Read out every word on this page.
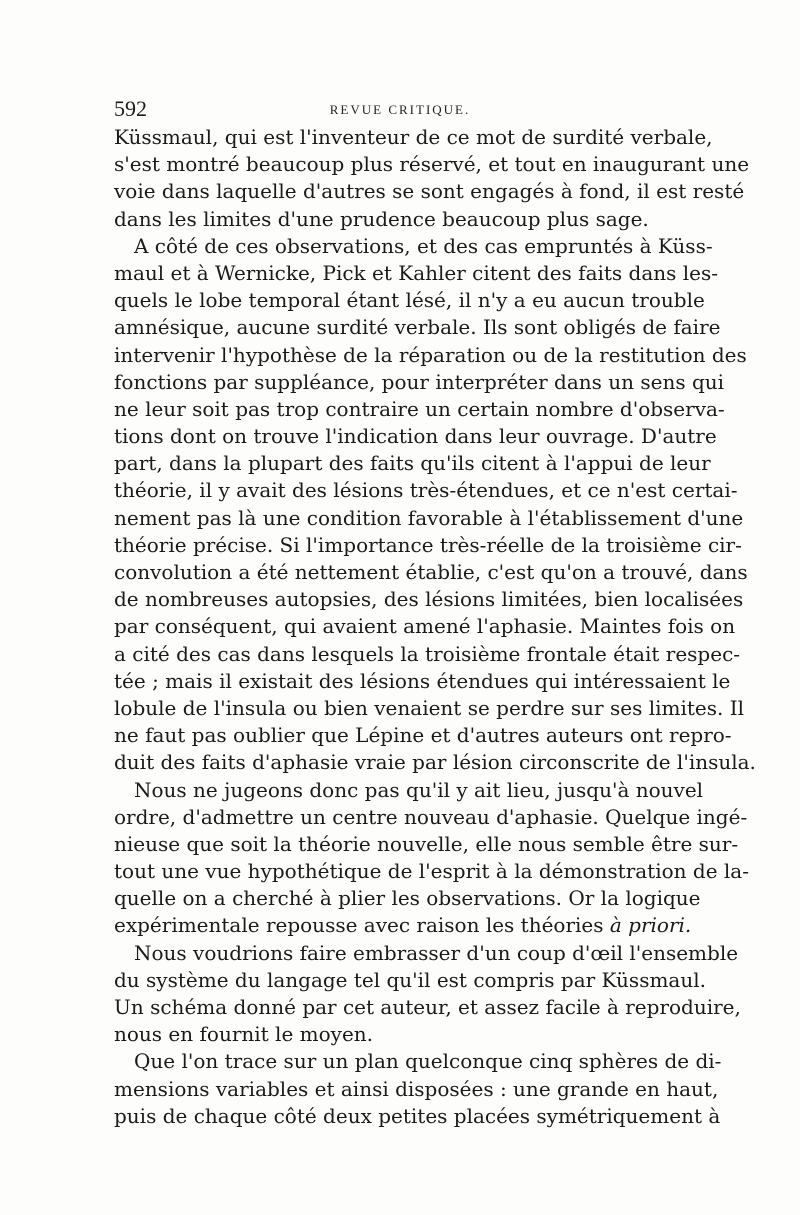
592	REVUE CRITIQUE.
Küssmaul, qui est l'inventeur de ce mot de surdité verbale,
s'est montré beaucoup plus réservé, et tout en inaugurant une
voie dans laquelle d'autres se sont engagés à fond, il est resté
dans les limites d'une prudence beaucoup plus sage.
A côté de ces observations, et des cas empruntés à Küss-
maul et à Wernicke, Pick et Kahler citent des faits dans les-
quels le lobe temporal étant lésé, il n'y a eu aucun trouble
amnésique, aucune surdité verbale. Ils sont obligés de faire
intervenir l'hypothèse de la réparation ou de la restitution des
fonctions par suppléance, pour interpréter dans un sens qui
ne leur soit pas trop contraire un certain nombre d'observa-
tions dont on trouve l'indication dans leur ouvrage. D'autre
part, dans la plupart des faits qu'ils citent à l'appui de leur
théorie, il y avait des lésions très-étendues, et ce n'est certai-
nement pas là une condition favorable à l'établissement d'une
théorie précise. Si l'importance très-réelle de la troisième cir-
convolution a été nettement établie, c'est qu'on a trouvé, dans
de nombreuses autopsies, des lésions limitées, bien localisées
par conséquent, qui avaient amené l'aphasie. Maintes fois on
a cité des cas dans lesquels la troisième frontale était respec-
tée ; mais il existait des lésions étendues qui intéressaient le
lobule de l'insula ou bien venaient se perdre sur ses limites. Il
ne faut pas oublier que Lépine et d'autres auteurs ont repro-
duit des faits d'aphasie vraie par lésion circonscrite de l'insula.
Nous ne jugeons donc pas qu'il y ait lieu, jusqu'à nouvel
ordre, d'admettre un centre nouveau d'aphasie. Quelque ingé-
nieuse que soit la théorie nouvelle, elle nous semble être sur-
tout une vue hypothétique de l'esprit à la démonstration de la-
quelle on a cherché à plier les observations. Or la logique
expérimentale repousse avec raison les théories à priori.
Nous voudrions faire embrasser d'un coup d'œil l'ensemble
du système du langage tel qu'il est compris par Küssmaul.
Un schéma donné par cet auteur, et assez facile à reproduire,
nous en fournit le moyen.
Que l'on trace sur un plan quelconque cinq sphères de di-
mensions variables et ainsi disposées : une grande en haut,
puis de chaque côté deux petites placées symétriquement à
